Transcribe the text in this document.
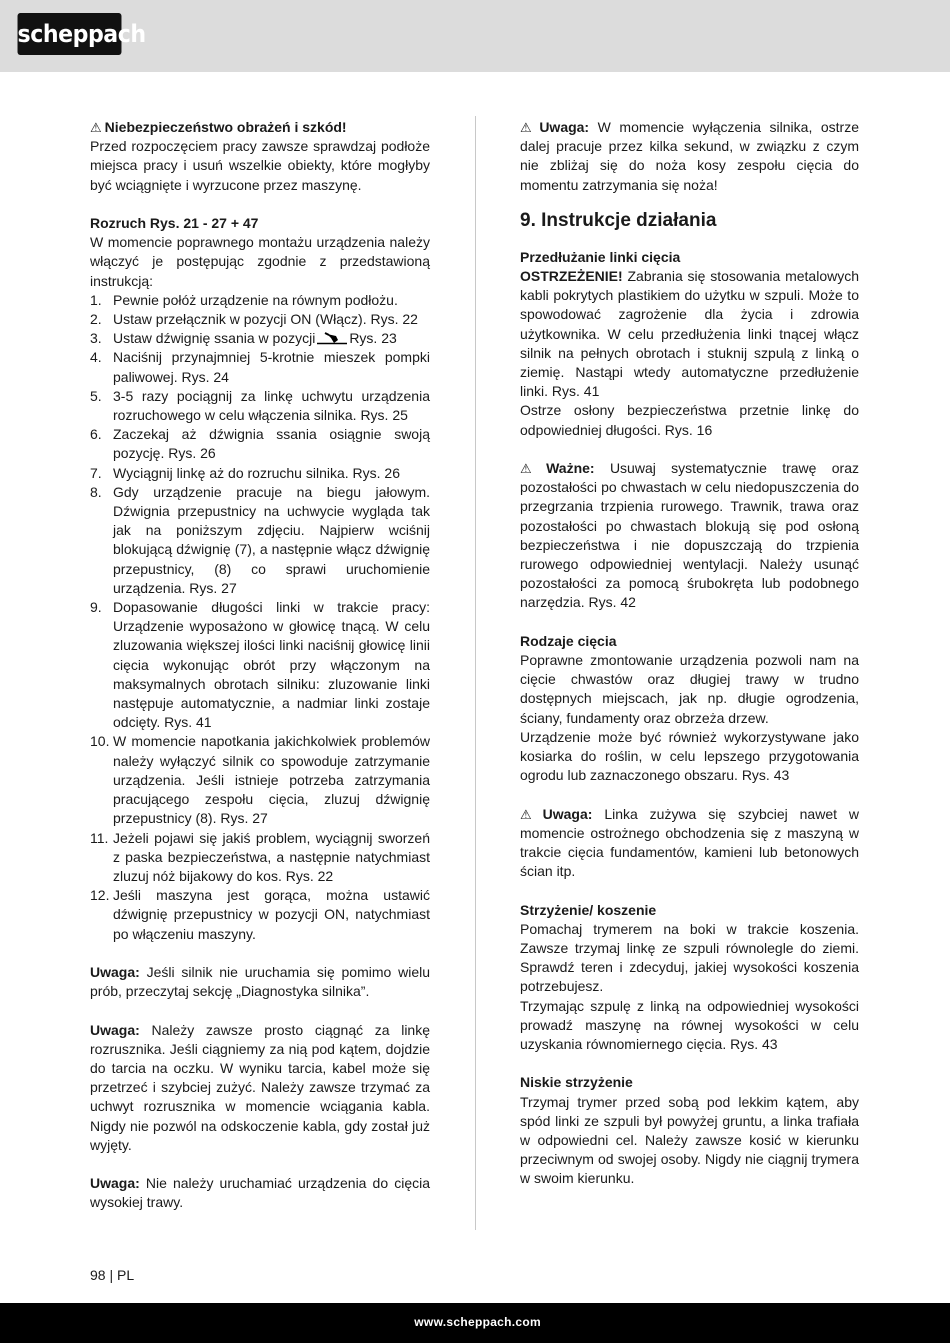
scheppach

⚠ Niebezpieczeństwo obrażeń i szkód!

Przed rozpoczęciem pracy zawsze sprawdzaj podłoże miejsca pracy i usuń wszelkie obiekty, które mogłyby być wciągnięte i wyrzucone przez maszynę.

Rozruch Rys. 21 - 27 + 47

W momencie poprawnego montażu urządzenia należy włączyć je postępując zgodnie z przedstawioną instrukcją:

1. Pewnie połóż urządzenie na równym podłożu.
2. Ustaw przełącznik w pozycji ON (Włącz). Rys. 22
3. Ustaw dźwignię ssania w pozycji Rys. 23
4. Naciśnij przynajmniej 5-krotnie mieszek pompki paliwowej. Rys. 24
5. 3-5 razy pociągnij za linkę uchwytu urządzenia rozruchowego w celu włączenia silnika. Rys. 25
6. Zaczekaj aż dźwignia ssania osiągnie swoją pozycję. Rys. 26
7. Wyciągnij linkę aż do rozruchu silnika. Rys. 26
8. Gdy urządzenie pracuje na biegu jałowym. Dźwignia przepustnicy na uchwycie wygląda tak jak na poniższym zdjęciu. Najpierw wciśnij blokującą dźwignię (7), a następnie włącz dźwignię przepustnicy, (8) co sprawi uruchomienie urządzenia. Rys. 27
9. Dopasowanie długości linki w trakcie pracy: Urządzenie wyposażono w głowicę tnącą. W celu zluzowania większej ilości linki naciśnij głowicę linii cięcia wykonując obrót przy włączonym na maksymalnych obrotach silniku: zluzowanie linki następuje automatycznie, a nadmiar linki zostaje odcięty. Rys. 41
10. W momencie napotkania jakichkolwiek problemów należy wyłączyć silnik co spowoduje zatrzymanie urządzenia. Jeśli istnieje potrzeba zatrzymania pracującego zespołu cięcia, zluzuj dźwignię przepustnicy (8). Rys. 27
11. Jeżeli pojawi się jakiś problem, wyciągnij sworzeń z paska bezpieczeństwa, a następnie natychmiast zluzuj nóż bijakowy do kos. Rys. 22
12. Jeśli maszyna jest gorąca, można ustawić dźwignię przepustnicy w pozycji ON, natychmiast po włączeniu maszyny.

Uwaga: Jeśli silnik nie uruchamia się pomimo wielu prób, przeczytaj sekcję „Diagnostyka silnika”.

Uwaga: Należy zawsze prosto ciągnąć za linkę rozrusznika. Jeśli ciągniemy za nią pod kątem, dojdzie do tarcia na oczku. W wyniku tarcia, kabel może się przetrzeć i szybciej zużyć. Należy zawsze trzymać za uchwyt rozrusznika w momencie wciągania kabla. Nigdy nie pozwól na odskoczenie kabla, gdy został już wyjęty.

Uwaga: Nie należy uruchamiać urządzenia do cięcia wysokiej trawy.

⚠ Uwaga: W momencie wyłączenia silnika, ostrze dalej pracuje przez kilka sekund, w związku z czym nie zbliżaj się do noża kosy zespołu cięcia do momentu zatrzymania się noża!

9. Instrukcje działania

Przedłużanie linki cięcia

OSTRZEŻENIE! Zabrania się stosowania metalowych kabli pokrytych plastikiem do użytku w szpuli. Może to spowodować zagrożenie dla życia i zdrowia użytkownika. W celu przedłużenia linki tnącej włącz silnik na pełnych obrotach i stuknij szpulą z linką o ziemię. Nastąpi wtedy automatyczne przedłużenie linki. Rys. 41

Ostrze osłony bezpieczeństwa przetnie linkę do odpowiedniej długości. Rys. 16

⚠ Ważne: Usuwaj systematycznie trawę oraz pozostałości po chwastach w celu niedopuszczenia do przegrzania trzpienia rurowego. Trawnik, trawa oraz pozostałości po chwastach blokują się pod osłoną bezpieczeństwa i nie dopuszczają do trzpienia rurowego odpowiedniej wentylacji. Należy usunąć pozostałości za pomocą śrubokręta lub podobnego narzędzia. Rys. 42

Rodzaje cięcia

Poprawne zmontowanie urządzenia pozwoli nam na cięcie chwastów oraz długiej trawy w trudno dostępnych miejscach, jak np. długie ogrodzenia, ściany, fundamenty oraz obrzeża drzew.

Urządzenie może być również wykorzystywane jako kosiarka do roślin, w celu lepszego przygotowania ogrodu lub zaznaczonego obszaru. Rys. 43

⚠ Uwaga: Linka zużywa się szybciej nawet w momencie ostrożnego obchodzenia się z maszyną w trakcie cięcia fundamentów, kamieni lub betonowych ścian itp.

Strzyżenie/ koszenie

Pomachaj trymerem na boki w trakcie koszenia. Zawsze trzymaj linkę ze szpuli równolegle do ziemi. Sprawdź teren i zdecyduj, jakiej wysokości koszenia potrzebujesz.

Trzymając szpulę z linką na odpowiedniej wysokości prowadź maszynę na równej wysokości w celu uzyskania równomiernego cięcia. Rys. 43

Niskie strzyżenie

Trzymaj trymer przed sobą pod lekkim kątem, aby spód linki ze szpuli był powyżej gruntu, a linka trafiała w odpowiedni cel. Należy zawsze kosić w kierunku przeciwnym od swojej osoby. Nigdy nie ciągnij trymera w swoim kierunku.

98 | PL
www.scheppach.com
